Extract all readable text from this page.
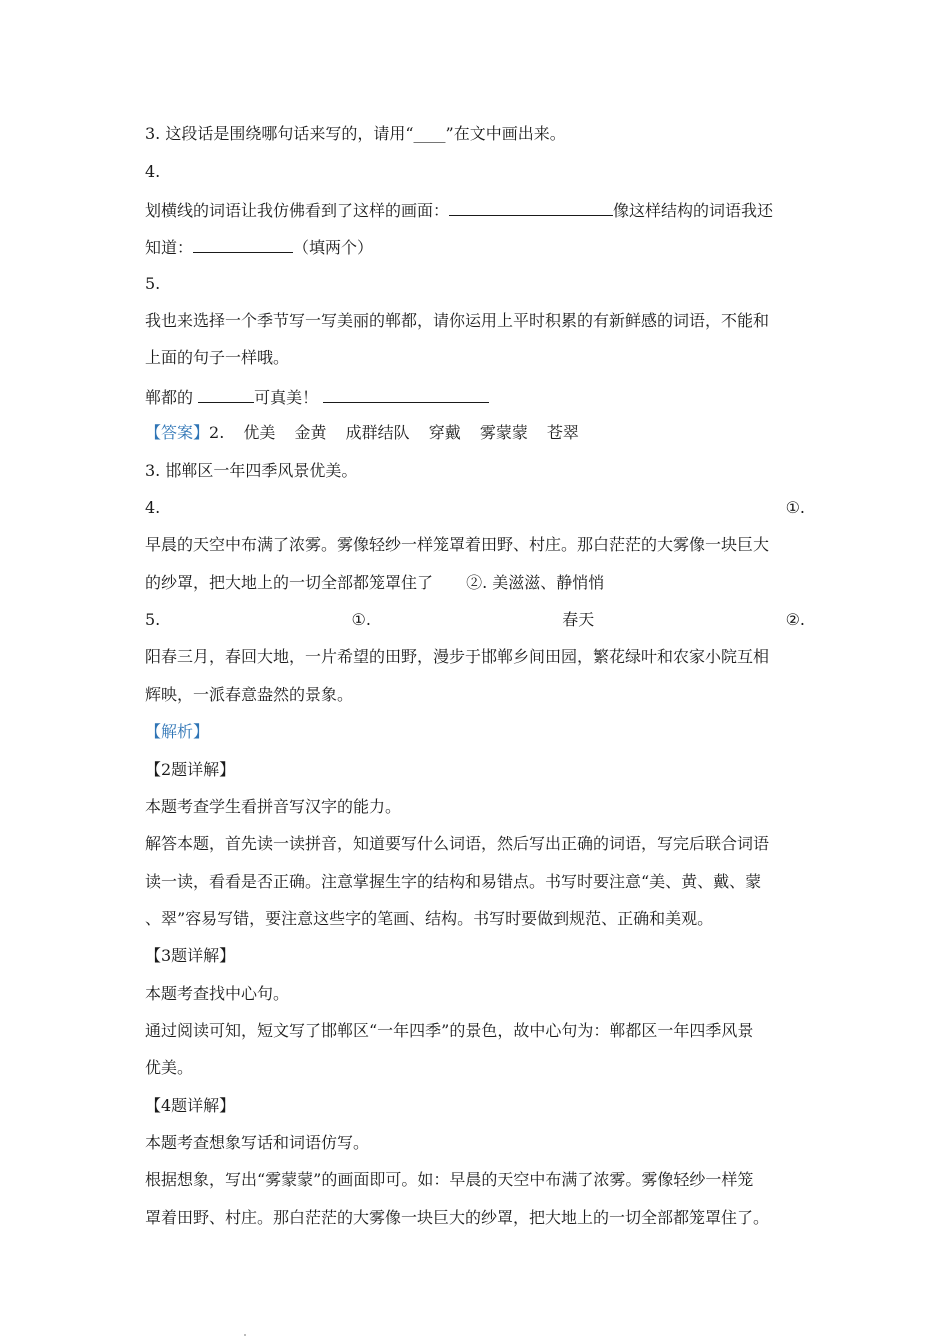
3. 这段话是围绕哪句话来写的，请用“____”在文中画出来。
4.
划横线的词语让我仿佛看到了这样的画面：	像这样结构的词语我还
知道：	（填两个）
5.
我也来选择一个季节写一写美丽的郸都，请你运用上平时积累的有新鲜感的词语，不能和
上面的句子一样哦。
郸都的	可真美！
【答案】2. 优美 金黄 成群结队 穿戴 雾蒙蒙 苍翠
3. 邯郸区一年四季风景优美。
4.	①.
早晨的天空中布满了浓雾。雾像轻纱一样笼罩着田野、村庄。那白茫茫的大雾像一块巨大
的纱罩，把大地上的一切全部都笼罩住了 ②. 美滋滋、静悄悄
5.	①.	春天	②.
阳春三月，春回大地，一片希望的田野，漫步于邯郸乡间田园，繁花绿叶和农家小院互相
辉映，一派春意盎然的景象。
【解析】
【2题详解】
本题考查学生看拼音写汉字的能力。
解答本题，首先读一读拼音，知道要写什么词语，然后写出正确的词语，写完后联合词语
读一读，看看是否正确。注意掌握生字的结构和易错点。书写时要注意“美、黄、戴、蒙
、翠”容易写错，要注意这些字的笔画、结构。书写时要做到规范、正确和美观。
【3题详解】
本题考查找中心句。
通过阅读可知，短文写了邯郸区“一年四季”的景色，故中心句为：郸都区一年四季风景
优美。
【4题详解】
本题考查想象写话和词语仿写。
根据想象，写出“雾蒙蒙”的画面即可。如：早晨的天空中布满了浓雾。雾像轻纱一样笼
罩着田野、村庄。那白茫茫的大雾像一块巨大的纱罩，把大地上的一切全部都笼罩住了。
